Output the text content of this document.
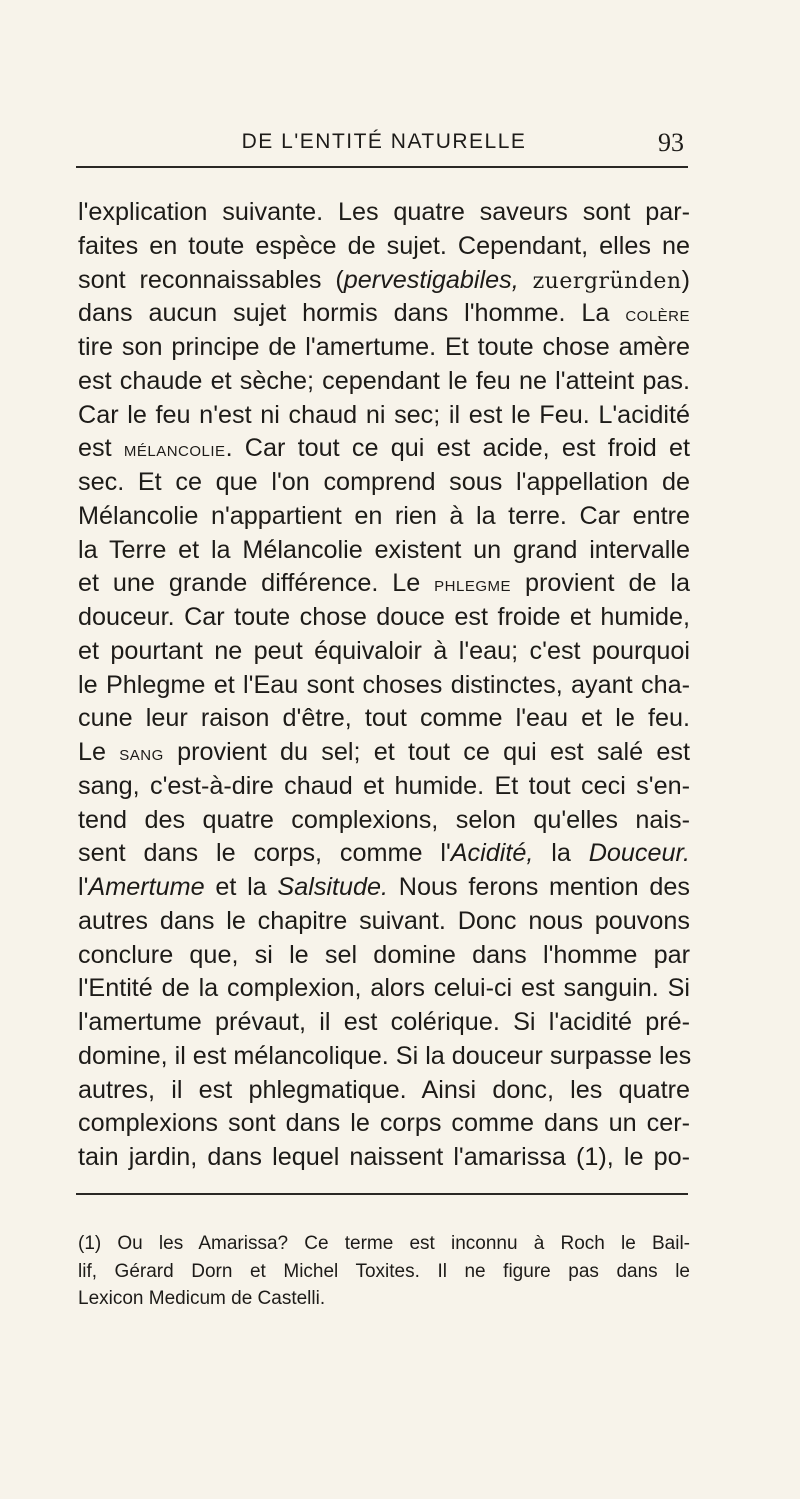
DE L'ENTITÉ NATURELLE	93
l'explication suivante. Les quatre saveurs sont par-
faites en toute espèce de sujet. Cependant, elles ne
sont reconnaissables (pervestigabiles, zuergründen)
dans aucun sujet hormis dans l'homme. La colère
tire son principe de l'amertume. Et toute chose amère
est chaude et sèche; cependant le feu ne l'atteint pas.
Car le feu n'est ni chaud ni sec; il est le Feu. L'acidité
est mélancolie. Car tout ce qui est acide, est froid et
sec. Et ce que l'on comprend sous l'appellation de
Mélancolie n'appartient en rien à la terre. Car entre
la Terre et la Mélancolie existent un grand intervalle
et une grande différence. Le phlegme provient de la
douceur. Car toute chose douce est froide et humide,
et pourtant ne peut équivaloir à l'eau; c'est pourquoi
le Phlegme et l'Eau sont choses distinctes, ayant cha-
cune leur raison d'être, tout comme l'eau et le feu.
Le sang provient du sel; et tout ce qui est salé est
sang, c'est-à-dire chaud et humide. Et tout ceci s'en-
tend des quatre complexions, selon qu'elles nais-
sent dans le corps, comme l'Acidité, la Douceur.
l'Amertume et la Salsitude. Nous ferons mention des
autres dans le chapitre suivant. Donc nous pouvons
conclure que, si le sel domine dans l'homme par
l'Entité de la complexion, alors celui-ci est sanguin. Si
l'amertume prévaut, il est colérique. Si l'acidité pré-
domine, il est mélancolique. Si la douceur surpasse les
autres, il est phlegmatique. Ainsi donc, les quatre
complexions sont dans le corps comme dans un cer-
tain jardin, dans lequel naissent l'amarissa (1), le po-
(1) Ou les Amarissa? Ce terme est inconnu à Roch le Bail-
lif, Gérard Dorn et Michel Toxites. Il ne figure pas dans le
Lexicon Medicum de Castelli.
